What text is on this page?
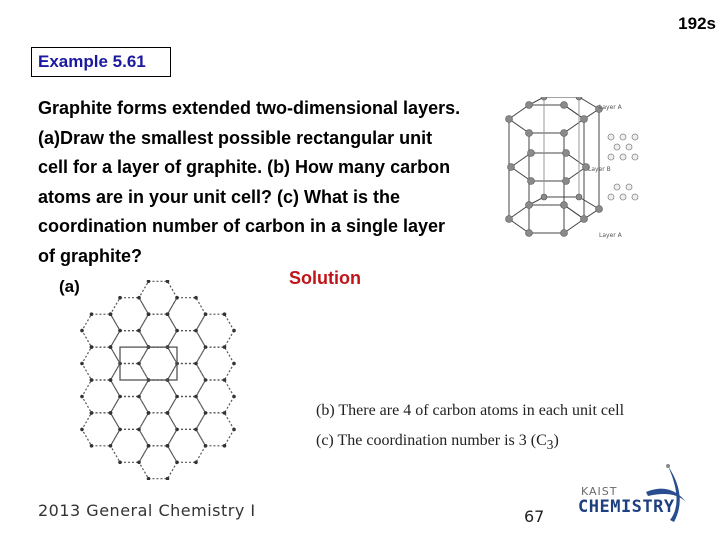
192s
Example 5.61
Graphite forms extended two-dimensional layers.
(a)Draw the smallest possible rectangular unit
cell for a layer of graphite. (b) How many carbon
atoms are in your unit cell? (c) What is the
coordination number of carbon in a single layer
of graphite?
Layer A
Layer B
Layer A
(a)	Solution
(b) There are 4 of carbon atoms in each unit cell
(c) The coordination number is 3 $(C_3)$
2013 General Chemistry I	67
KAIST
CHEMISTRY
